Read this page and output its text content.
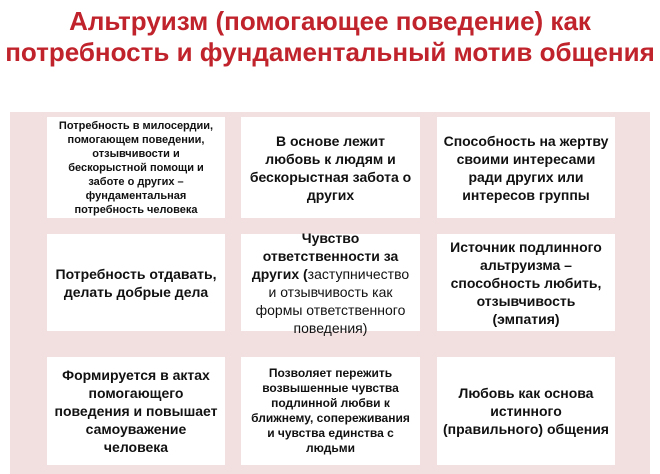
Альтруизм (помогающее поведение) как потребность и фундаментальный мотив общения
Потребность в милосердии, помогающем поведении, отзывчивости и бескорыстной помощи и заботе о других – фундаментальная потребность человека
В основе лежит любовь к людям и бескорыстная забота о других
Способность на жертву своими интересами ради других или интересов группы
Потребность отдавать, делать добрые дела
Чувство ответственности за других (заступничество и отзывчивость как формы ответственного поведения)
Источник подлинного альтруизма – способность любить, отзывчивость (эмпатия)
Формируется в актах помогающего поведения и повышает самоуважение человека
Позволяет пережить возвышенные чувства подлинной любви к ближнему, сопереживания и чувства единства с людьми
Любовь как основа истинного (правильного) общения
